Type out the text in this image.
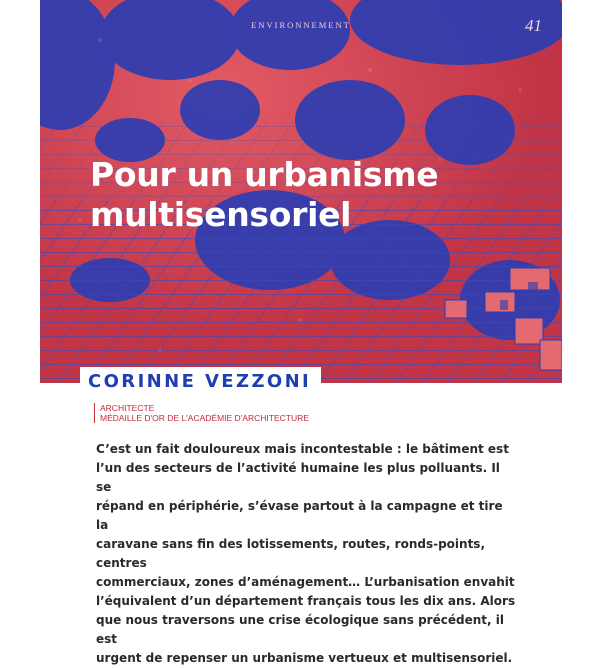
ENVIRONNEMENT	41
Pour un urbanisme
multisensoriel
CORINNE VEZZONI
ARCHITECTE
MÉDAILLE D'OR DE L'ACADÉMIE D'ARCHITECTURE

C’est un fait douloureux mais incontestable : le bâtiment est
l’un des secteurs de l’activité humaine les plus polluants. Il se
répand en périphérie, s’évase partout à la campagne et tire la
caravane sans fin des lotissements, routes, ronds-points, centres
commerciaux, zones d’aménagement… L’urbanisation envahit
l’équivalent d’un département français tous les dix ans. Alors
que nous traversons une crise écologique sans précédent, il est
urgent de repenser un urbanisme vertueux et multisensoriel.
